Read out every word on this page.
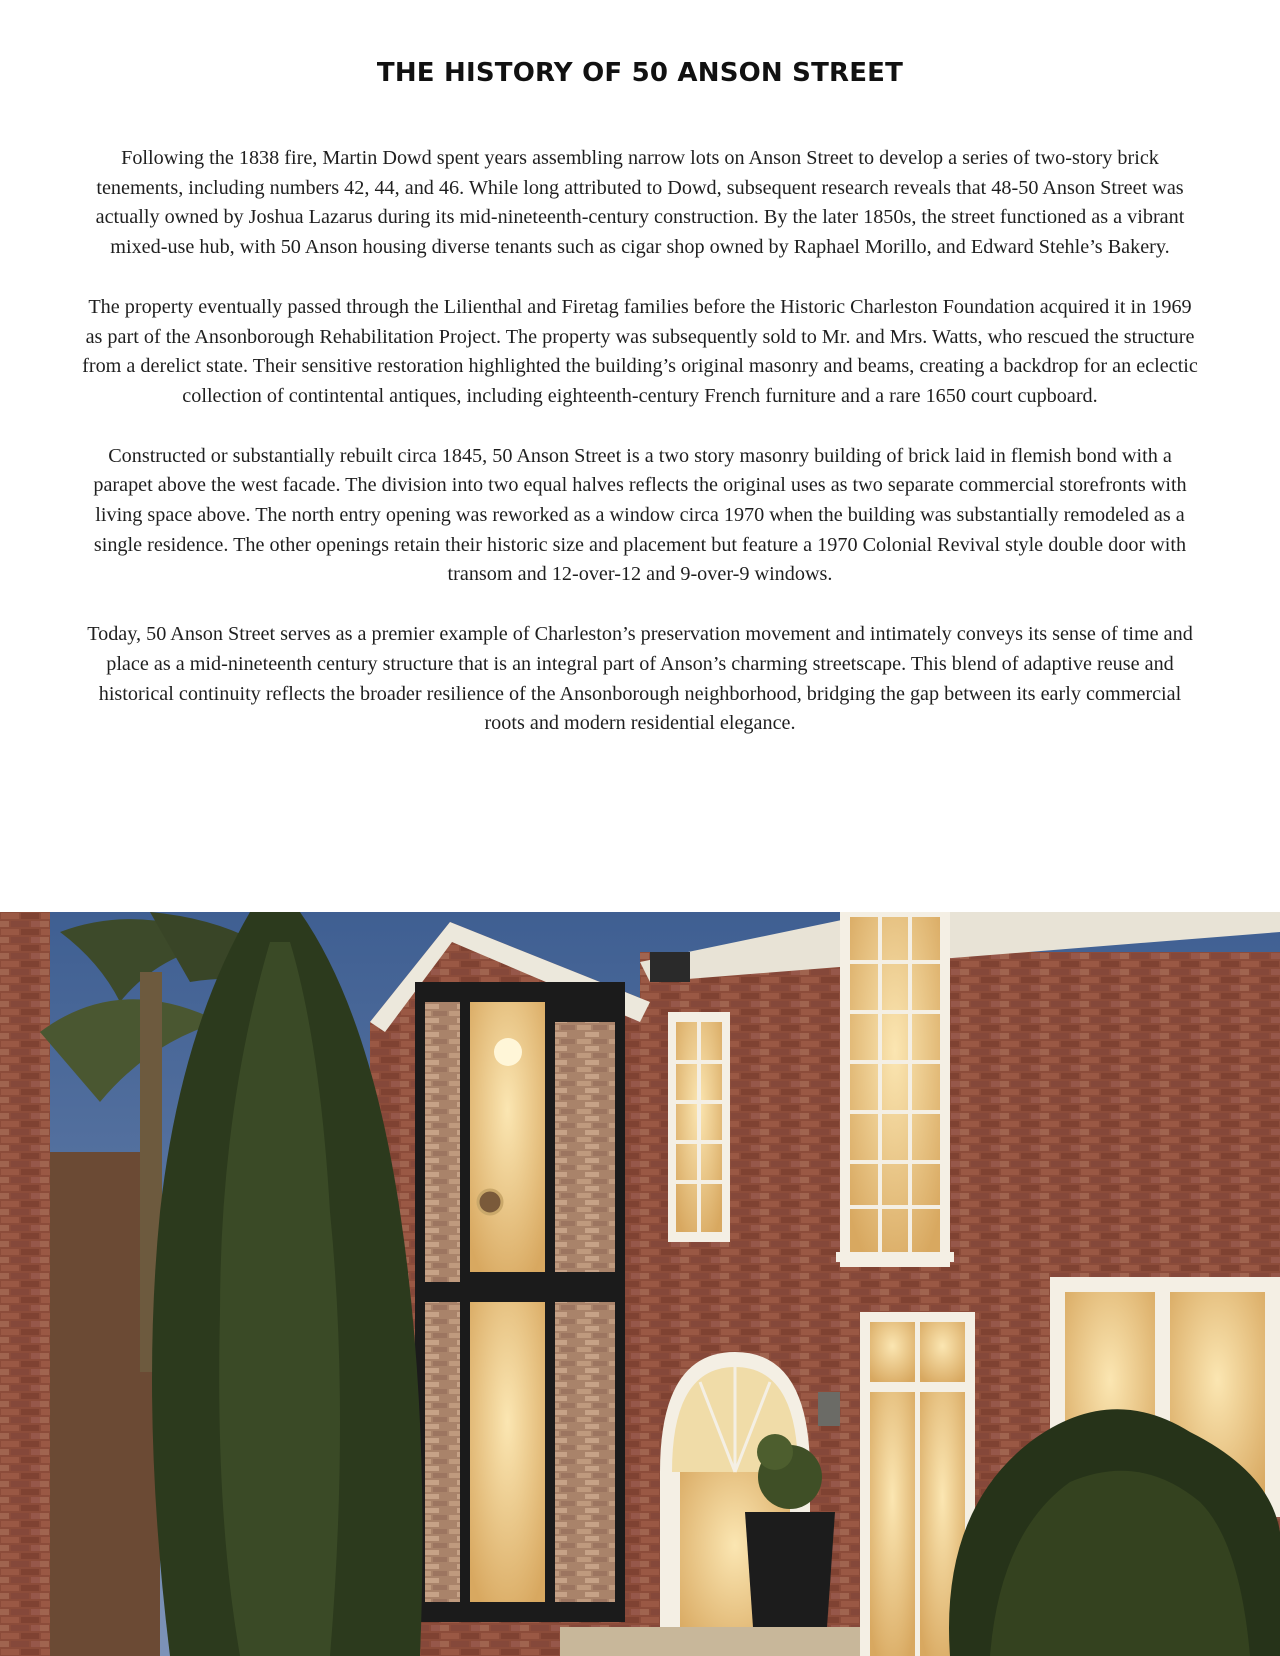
THE HISTORY OF 50 ANSON STREET

Following the 1838 fire, Martin Dowd spent years assembling narrow lots on Anson Street to develop a series of two-story brick tenements, including numbers 42, 44, and 46. While long attributed to Dowd, subsequent research reveals that 48-50 Anson Street was actually owned by Joshua Lazarus during its mid-nineteenth-century construction. By the later 1850s, the street functioned as a vibrant mixed-use hub, with 50 Anson housing diverse tenants such as cigar shop owned by Raphael Morillo, and Edward Stehle’s Bakery.

The property eventually passed through the Lilienthal and Firetag families before the Historic Charleston Foundation acquired it in 1969 as part of the Ansonborough Rehabilitation Project. The property was subsequently sold to Mr. and Mrs. Watts, who rescued the structure from a derelict state. Their sensitive restoration highlighted the building’s original masonry and beams, creating a backdrop for an eclectic collection of contintental antiques, including eighteenth-century French furniture and a rare 1650 court cupboard.

Constructed or substantially rebuilt circa 1845, 50 Anson Street is a two story masonry building of brick laid in flemish bond with a parapet above the west facade. The division into two equal halves reflects the original uses as two separate commercial storefronts with living space above. The north entry opening was reworked as a window circa 1970 when the building was substantially remodeled as a single residence. The other openings retain their historic size and placement but feature a 1970 Colonial Revival style double door with transom and 12-over-12 and 9-over-9 windows.

Today, 50 Anson Street serves as a premier example of Charleston’s preservation movement and intimately conveys its sense of time and place as a mid-nineteenth century structure that is an integral part of Anson’s charming streetscape. This blend of adaptive reuse and historical continuity reflects the broader resilience of the Ansonborough neighborhood, bridging the gap between its early commercial roots and modern residential elegance.
